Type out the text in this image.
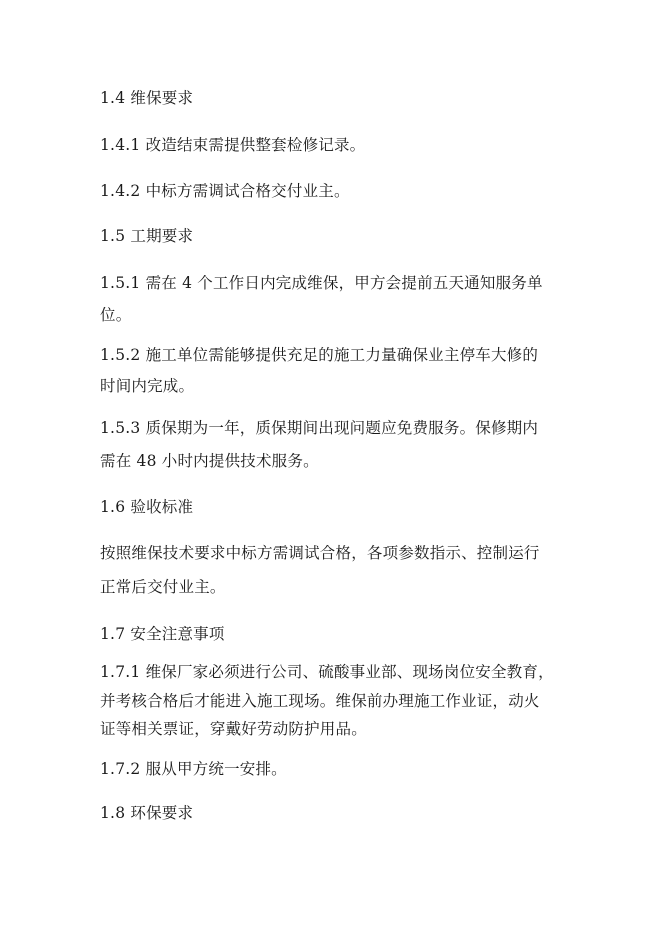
1.4 维保要求
1.4.1 改造结束需提供整套检修记录。
1.4.2 中标方需调试合格交付业主。
1.5 工期要求
1.5.1 需在 4 个工作日内完成维保，甲方会提前五天通知服务单
位。
1.5.2 施工单位需能够提供充足的施工力量确保业主停车大修的
时间内完成。
1.5.3 质保期为一年，质保期间出现问题应免费服务。保修期内
需在 48 小时内提供技术服务。
1.6 验收标准
按照维保技术要求中标方需调试合格，各项参数指示、控制运行
正常后交付业主。
1.7 安全注意事项
1.7.1 维保厂家必须进行公司、硫酸事业部、现场岗位安全教育，
并考核合格后才能进入施工现场。维保前办理施工作业证，动火
证等相关票证，穿戴好劳动防护用品。
1.7.2 服从甲方统一安排。
1.8 环保要求
